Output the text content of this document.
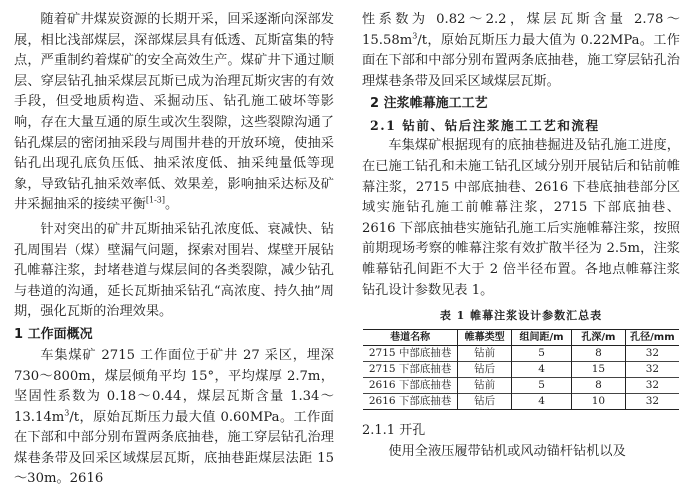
随着矿井煤炭资源的长期开采，回采逐渐向深部发展，相比浅部煤层，深部煤层具有低透、瓦斯富集的特点，严重制约着煤矿的安全高效生产。煤矿井下通过顺层、穿层钻孔抽采煤层瓦斯已成为治理瓦斯灾害的有效手段，但受地质构造、采掘动压、钻孔施工破坏等影响，存在大量互通的原生或次生裂隙，这些裂隙沟通了钻孔煤层的密闭抽采段与周围井巷的开放环境，使抽采钻孔出现孔底负压低、抽采浓度低、抽采纯量低等现象，导致钻孔抽采效率低、效果差，影响抽采达标及矿井采掘抽采的接续平衡[1-3]。

针对突出的矿井瓦斯抽采钻孔浓度低、衰减快、钻孔周围岩（煤）壁漏气问题，探索对围岩、煤壁开展钻孔帷幕注浆，封堵巷道与煤层间的各类裂隙，减少钻孔与巷道的沟通，延长瓦斯抽采钻孔“高浓度、持久抽”周期，强化瓦斯的治理效果。

1 工作面概况

车集煤矿 2715 工作面位于矿井 27 采区，埋深 730～800m，煤层倾角平均 15°，平均煤厚 2.7m，坚固性系数为 0.18～0.44，煤层瓦斯含量 $1.34\sim 13.14m^3/t$，原始瓦斯压力最大值 0.60MPa。工作面在下部和中部分别布置两条底抽巷，施工穿层钻孔治理煤巷条带及回采区域煤层瓦斯，底抽巷距煤层法距 15～30m。2616

性系数为 0.82～2.2，煤层瓦斯含量 $2.78\sim 15.58m^3/t$，原始瓦斯压力最大值为 0.22MPa。工作面在下部和中部分别布置两条底抽巷，施工穿层钻孔治理煤巷条带及回采区域煤层瓦斯。

2 注浆帷幕施工工艺
2.1 钻前、钻后注浆施工工艺和流程

车集煤矿根据现有的底抽巷掘进及钻孔施工进度，在已施工钻孔和未施工钻孔区域分别开展钻后和钻前帷幕注浆，2715 中部底抽巷、2616 下巷底抽巷部分区域实施钻孔施工前帷幕注浆，2715 下部底抽巷、2616 下部底抽巷实施钻孔施工后实施帷幕注浆，按照前期现场考察的帷幕注浆有效扩散半径为 2.5m，注浆帷幕钻孔间距不大于 2 倍半径布置。各地点帷幕注浆钻孔设计参数见表 1。

表 1 帷幕注浆设计参数汇总表
巷道名称	帷幕类型	组间距/m	孔深/m	孔径/mm
2715 中部底抽巷	钻前	5	8	32
2715 下部底抽巷	钻后	4	15	32
2616 下部底抽巷	钻前	5	8	32
2616 下部底抽巷	钻后	4	10	32
2.1.1 开孔

使用全液压履带钻机或风动锚杆钻机以及
